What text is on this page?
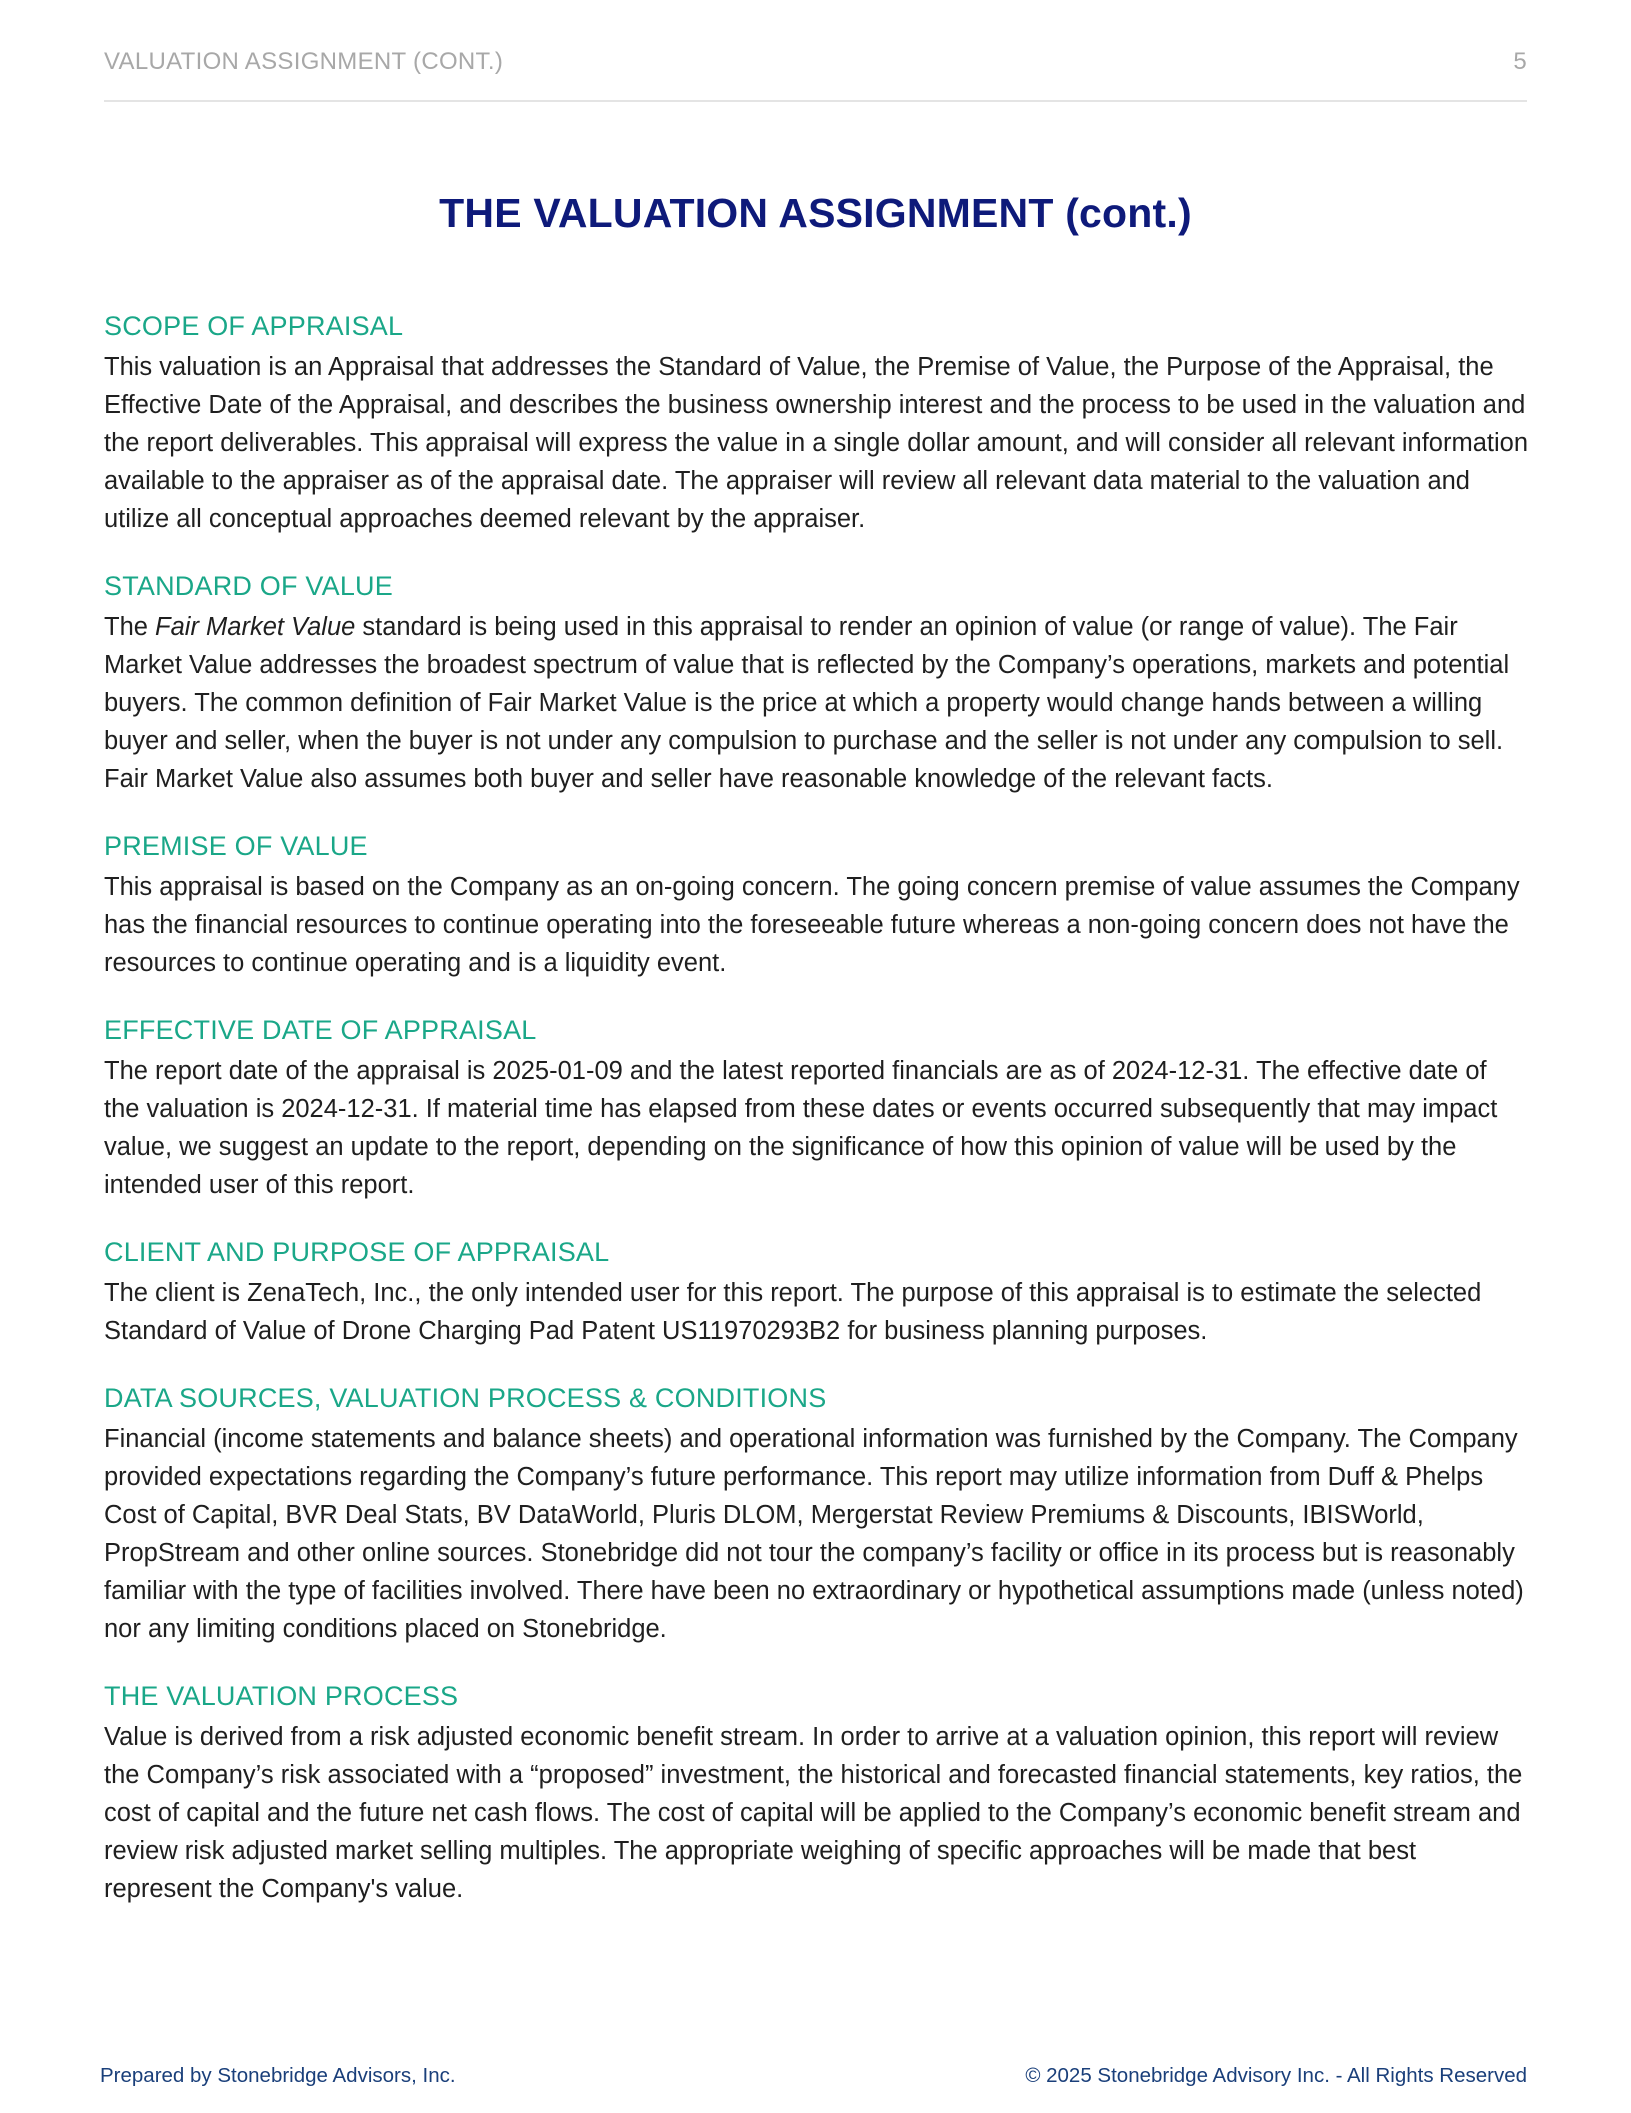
VALUATION ASSIGNMENT (CONT.)	5
THE VALUATION ASSIGNMENT (cont.)
SCOPE OF APPRAISAL

This valuation is an Appraisal that addresses the Standard of Value, the Premise of Value, the Purpose of the Appraisal, the Effective Date of the Appraisal, and describes the business ownership interest and the process to be used in the valuation and the report deliverables. This appraisal will express the value in a single dollar amount, and will consider all relevant information available to the appraiser as of the appraisal date. The appraiser will review all relevant data material to the valuation and utilize all conceptual approaches deemed relevant by the appraiser.

STANDARD OF VALUE

The Fair Market Value standard is being used in this appraisal to render an opinion of value (or range of value). The Fair Market Value addresses the broadest spectrum of value that is reflected by the Company’s operations, markets and potential buyers. The common definition of Fair Market Value is the price at which a property would change hands between a willing buyer and seller, when the buyer is not under any compulsion to purchase and the seller is not under any compulsion to sell. Fair Market Value also assumes both buyer and seller have reasonable knowledge of the relevant facts.

PREMISE OF VALUE

This appraisal is based on the Company as an on-going concern. The going concern premise of value assumes the Company has the financial resources to continue operating into the foreseeable future whereas a non-going concern does not have the resources to continue operating and is a liquidity event.

EFFECTIVE DATE OF APPRAISAL

The report date of the appraisal is 2025-01-09 and the latest reported financials are as of 2024-12-31. The effective date of the valuation is 2024-12-31. If material time has elapsed from these dates or events occurred subsequently that may impact value, we suggest an update to the report, depending on the significance of how this opinion of value will be used by the intended user of this report.

CLIENT AND PURPOSE OF APPRAISAL

The client is ZenaTech, Inc., the only intended user for this report. The purpose of this appraisal is to estimate the selected Standard of Value of Drone Charging Pad Patent US11970293B2 for business planning purposes.

DATA SOURCES, VALUATION PROCESS & CONDITIONS

Financial (income statements and balance sheets) and operational information was furnished by the Company. The Company provided expectations regarding the Company’s future performance. This report may utilize information from Duff & Phelps Cost of Capital, BVR Deal Stats, BV DataWorld, Pluris DLOM, Mergerstat Review Premiums & Discounts, IBISWorld, PropStream and other online sources. Stonebridge did not tour the company’s facility or office in its process but is reasonably familiar with the type of facilities involved. There have been no extraordinary or hypothetical assumptions made (unless noted) nor any limiting conditions placed on Stonebridge.

THE VALUATION PROCESS

Value is derived from a risk adjusted economic benefit stream. In order to arrive at a valuation opinion, this report will review the Company’s risk associated with a “proposed” investment, the historical and forecasted financial statements, key ratios, the cost of capital and the future net cash flows. The cost of capital will be applied to the Company’s economic benefit stream and review risk adjusted market selling multiples. The appropriate weighing of specific approaches will be made that best represent the Company's value.

Prepared by Stonebridge Advisors, Inc.	© 2025 Stonebridge Advisory Inc. - All Rights Reserved
